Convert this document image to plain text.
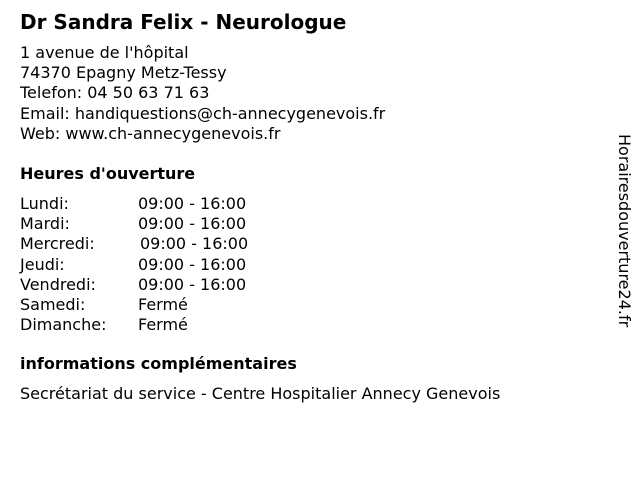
Dr Sandra Felix - Neurologue
1 avenue de l'hôpital
74370 Epagny Metz-Tessy
Telefon: 04 50 63 71 63
Email: handiquestions@ch-annecygenevois.fr
Web: www.ch-annecygenevois.fr
Heures d'ouverture
Lundi:	09:00 - 16:00
Mardi:	09:00 - 16:00
Mercredi:	09:00 - 16:00
Jeudi:	09:00 - 16:00
Vendredi:	09:00 - 16:00
Samedi:	Fermé
Dimanche: Fermé
informations complémentaires
Secrétariat du service - Centre Hospitalier Annecy Genevois
Horairesdouverture24.fr
